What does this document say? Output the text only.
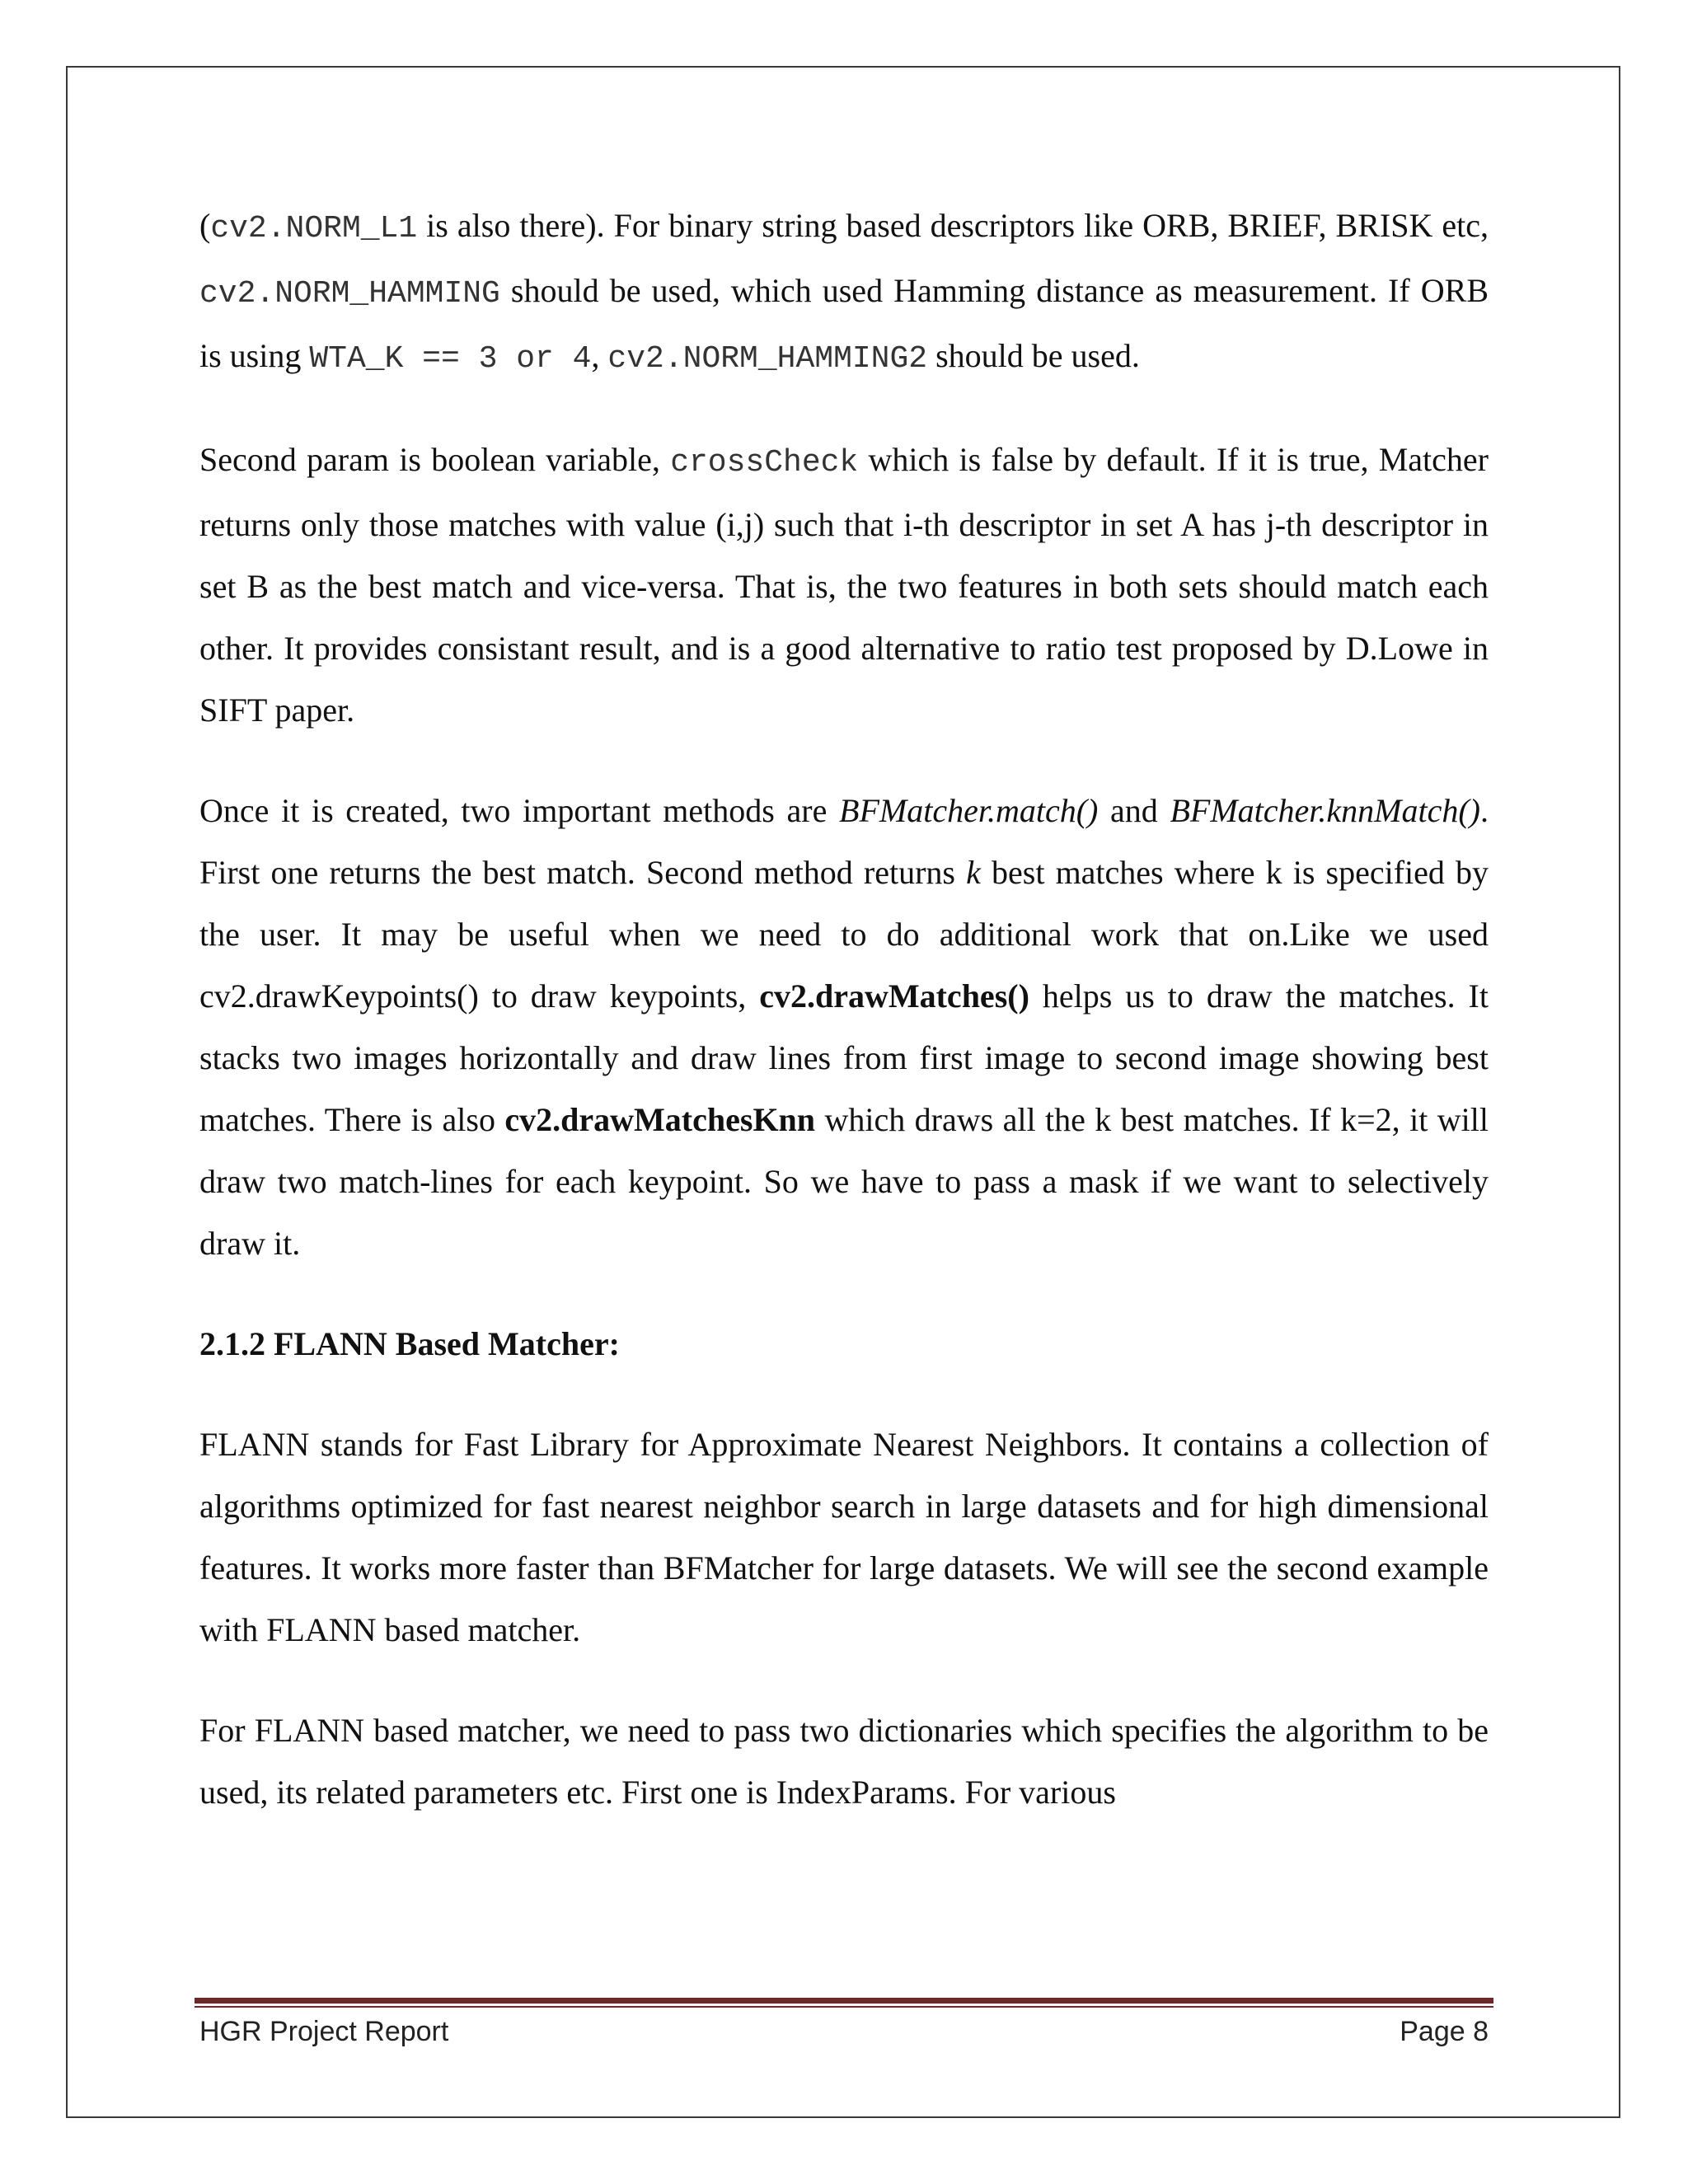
(cv2.NORM_L1 is also there). For binary string based descriptors like ORB, BRIEF, BRISK etc, cv2.NORM_HAMMING should be used, which used Hamming distance as measurement. If ORB is using WTA_K == 3 or 4, cv2.NORM_HAMMING2 should be used.

Second param is boolean variable, crossCheck which is false by default. If it is true, Matcher returns only those matches with value (i,j) such that i-th descriptor in set A has j-th descriptor in set B as the best match and vice-versa. That is, the two features in both sets should match each other. It provides consistant result, and is a good alternative to ratio test proposed by D.Lowe in SIFT paper.

Once it is created, two important methods are BFMatcher.match() and BFMatcher.knnMatch(). First one returns the best match. Second method returns k best matches where k is specified by the user. It may be useful when we need to do additional work that on.Like we used cv2.drawKeypoints() to draw keypoints, cv2.drawMatches() helps us to draw the matches. It stacks two images horizontally and draw lines from first image to second image showing best matches. There is also cv2.drawMatchesKnn which draws all the k best matches. If k=2, it will draw two match-lines for each keypoint. So we have to pass a mask if we want to selectively draw it.

2.1.2 FLANN Based Matcher:

FLANN stands for Fast Library for Approximate Nearest Neighbors. It contains a collection of algorithms optimized for fast nearest neighbor search in large datasets and for high dimensional features. It works more faster than BFMatcher for large datasets. We will see the second example with FLANN based matcher.

For FLANN based matcher, we need to pass two dictionaries which specifies the algorithm to be used, its related parameters etc. First one is IndexParams. For various

HGR Project Report	Page 8
